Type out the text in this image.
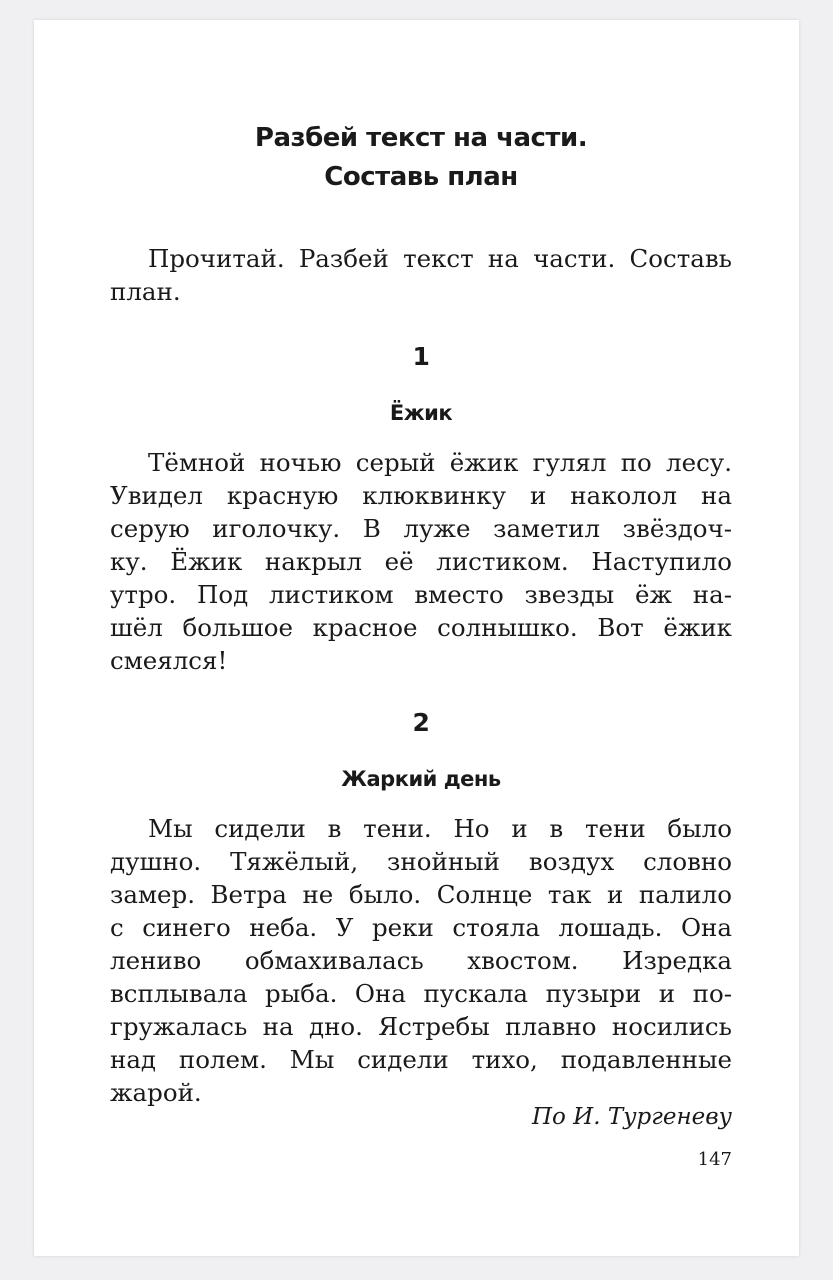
Разбей текст на части.
Составь план
Прочитай. Разбей текст на части. Составь
план.
1
Ёжик
Тёмной ночью серый ёжик гулял по лесу.
Увидел красную клюквинку и наколол на
серую иголочку. В луже заметил звёздоч-
ку. Ёжик накрыл её листиком. Наступило
утро. Под листиком вместо звезды ёж на-
шёл большое красное солнышко. Вот ёжик
смеялся!
2
Жаркий день
Мы сидели в тени. Но и в тени было
душно. Тяжёлый, знойный воздух словно
замер. Ветра не было. Солнце так и палило
с синего неба. У реки стояла лошадь. Она
лениво обмахивалась хвостом. Изредка
всплывала рыба. Она пускала пузыри и по-
гружалась на дно. Ястребы плавно носились
над полем. Мы сидели тихо, подавленные
жарой.
По И. Тургеневу
147
